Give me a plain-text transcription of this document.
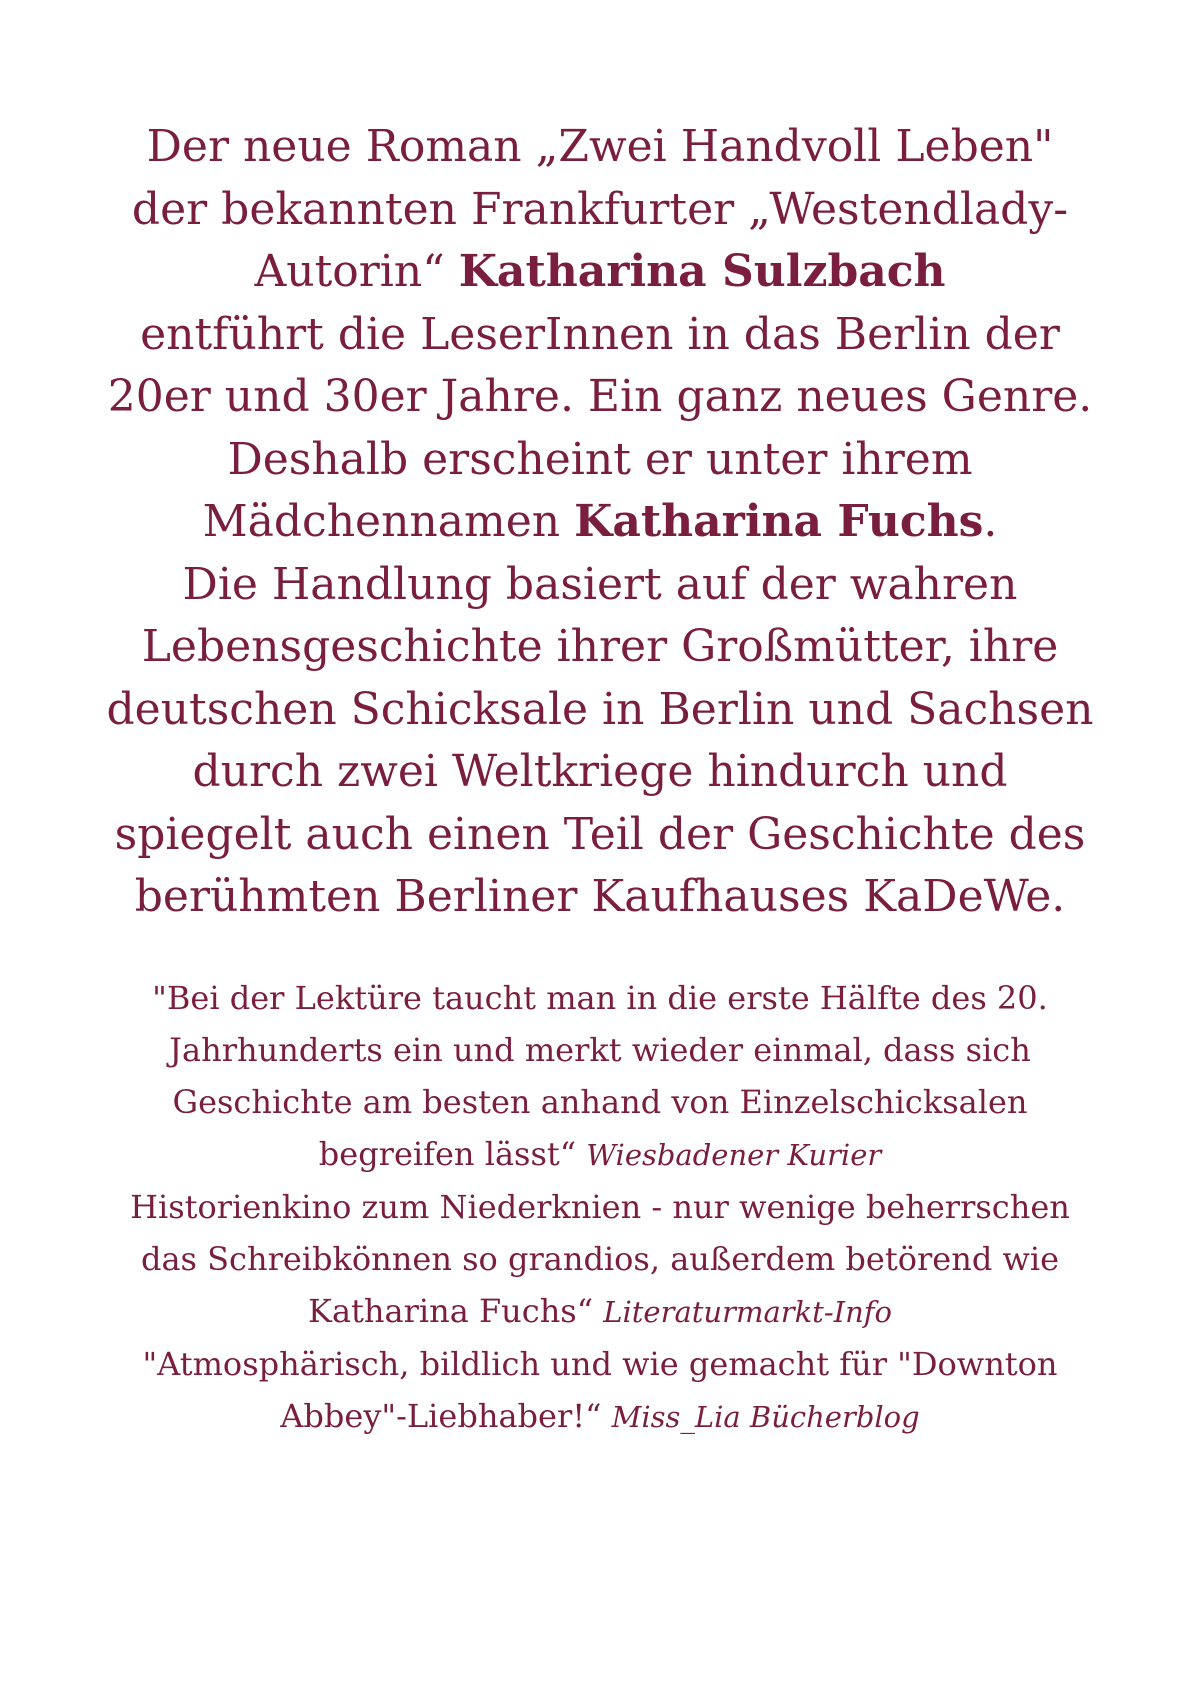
Der neue Roman „Zwei Handvoll Leben"
der bekannten Frankfurter „Westendlady-
Autorin“ Katharina Sulzbach
entführt die LeserInnen in das Berlin der
20er und 30er Jahre. Ein ganz neues Genre.
Deshalb erscheint er unter ihrem
Mädchennamen Katharina Fuchs.
Die Handlung basiert auf der wahren
Lebensgeschichte ihrer Großmütter, ihre
deutschen Schicksale in Berlin und Sachsen
durch zwei Weltkriege hindurch und
spiegelt auch einen Teil der Geschichte des
berühmten Berliner Kaufhauses KaDeWe.
"Bei der Lektüre taucht man in die erste Hälfte des 20.
Jahrhunderts ein und merkt wieder einmal, dass sich
Geschichte am besten anhand von Einzelschicksalen
begreifen lässt“ Wiesbadener Kurier
Historienkino zum Niederknien - nur wenige beherrschen
das Schreibkönnen so grandios, außerdem betörend wie
Katharina Fuchs“ Literaturmarkt-Info
"Atmosphärisch, bildlich und wie gemacht für "Downton
Abbey"-Liebhaber!“ Miss_Lia Bücherblog
